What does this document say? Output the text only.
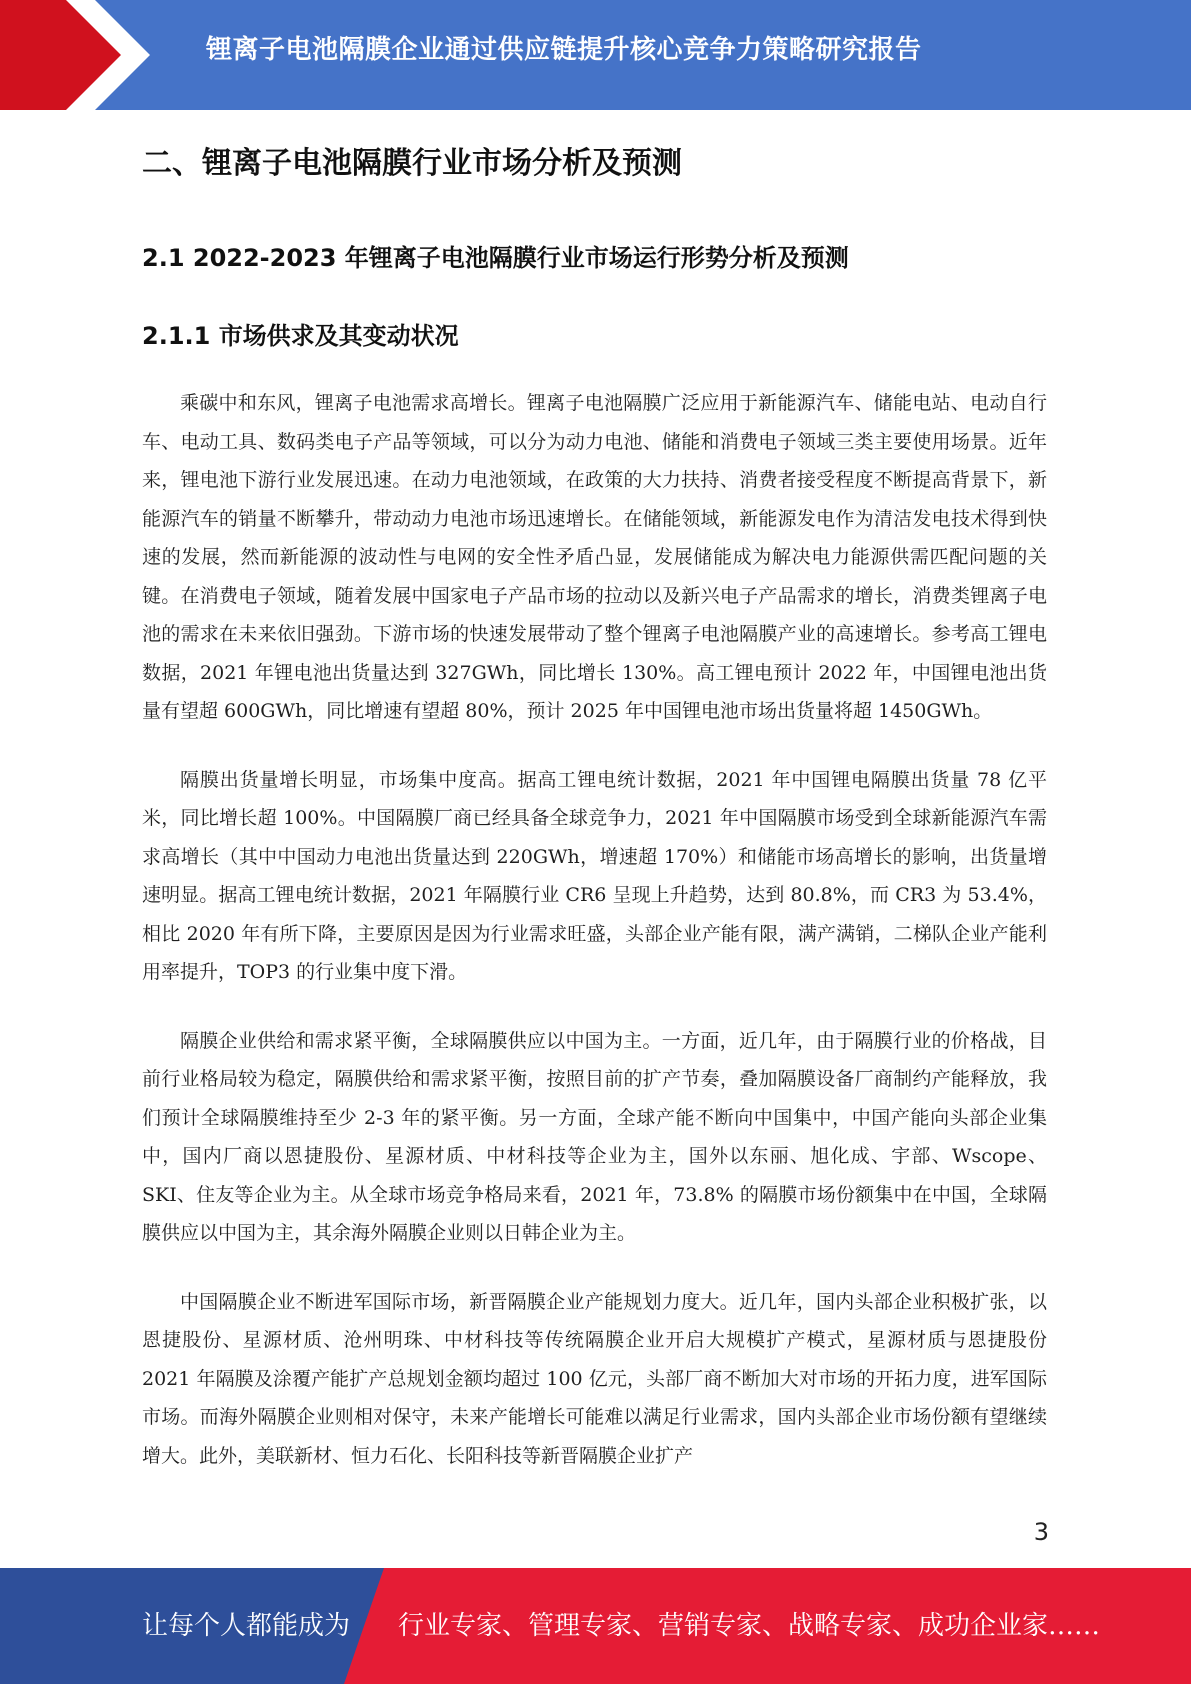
锂离子电池隔膜企业通过供应链提升核心竞争力策略研究报告
二、锂离子电池隔膜行业市场分析及预测
2.1 2022-2023 年锂离子电池隔膜行业市场运行形势分析及预测
2.1.1 市场供求及其变动状况

乘碳中和东风，锂离子电池需求高增长。锂离子电池隔膜广泛应用于新能源汽车、储能电站、电动自行车、电动工具、数码类电子产品等领域，可以分为动力电池、储能和消费电子领域三类主要使用场景。近年来，锂电池下游行业发展迅速。在动力电池领域，在政策的大力扶持、消费者接受程度不断提高背景下，新能源汽车的销量不断攀升，带动动力电池市场迅速增长。在储能领域，新能源发电作为清洁发电技术得到快速的发展，然而新能源的波动性与电网的安全性矛盾凸显，发展储能成为解决电力能源供需匹配问题的关键。在消费电子领域，随着发展中国家电子产品市场的拉动以及新兴电子产品需求的增长，消费类锂离子电池的需求在未来依旧强劲。下游市场的快速发展带动了整个锂离子电池隔膜产业的高速增长。参考高工锂电数据，2021 年锂电池出货量达到 327GWh，同比增长 130%。高工锂电预计 2022 年，中国锂电池出货量有望超 600GWh，同比增速有望超 80%，预计 2025 年中国锂电池市场出货量将超 1450GWh。

隔膜出货量增长明显，市场集中度高。据高工锂电统计数据，2021 年中国锂电隔膜出货量 78 亿平米，同比增长超 100%。中国隔膜厂商已经具备全球竞争力，2021 年中国隔膜市场受到全球新能源汽车需求高增长（其中中国动力电池出货量达到 220GWh，增速超 170%）和储能市场高增长的影响，出货量增速明显。据高工锂电统计数据，2021 年隔膜行业 CR6 呈现上升趋势，达到 80.8%，而 CR3 为 53.4%，相比 2020 年有所下降，主要原因是因为行业需求旺盛，头部企业产能有限，满产满销，二梯队企业产能利用率提升，TOP3 的行业集中度下滑。

隔膜企业供给和需求紧平衡，全球隔膜供应以中国为主。一方面，近几年，由于隔膜行业的价格战，目前行业格局较为稳定，隔膜供给和需求紧平衡，按照目前的扩产节奏，叠加隔膜设备厂商制约产能释放，我们预计全球隔膜维持至少 2-3 年的紧平衡。另一方面，全球产能不断向中国集中，中国产能向头部企业集中，国内厂商以恩捷股份、星源材质、中材科技等企业为主，国外以东丽、旭化成、宇部、Wscope、SKI、住友等企业为主。从全球市场竞争格局来看，2021 年，73.8% 的隔膜市场份额集中在中国，全球隔膜供应以中国为主，其余海外隔膜企业则以日韩企业为主。

中国隔膜企业不断进军国际市场，新晋隔膜企业产能规划力度大。近几年，国内头部企业积极扩张，以恩捷股份、星源材质、沧州明珠、中材科技等传统隔膜企业开启大规模扩产模式，星源材质与恩捷股份 2021 年隔膜及涂覆产能扩产总规划金额均超过 100 亿元，头部厂商不断加大对市场的开拓力度，进军国际市场。而海外隔膜企业则相对保守，未来产能增长可能难以满足行业需求，国内头部企业市场份额有望继续增大。此外，美联新材、恒力石化、长阳科技等新晋隔膜企业扩产

3
让每个人都能成为 行业专家、管理专家、营销专家、战略专家、成功企业家……
